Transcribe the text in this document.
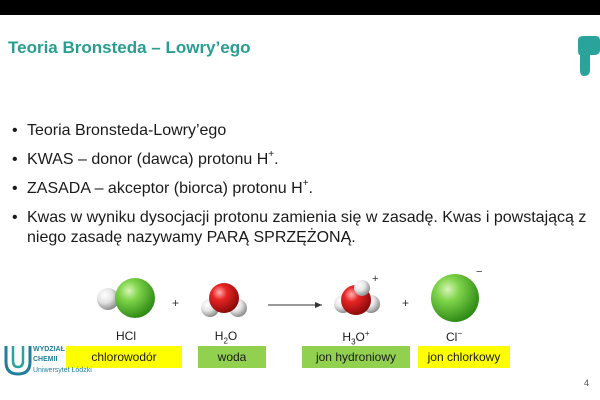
Teoria Bronsteda – Lowry’ego
• Teoria Bronsteda-Lowry’ego
• KWAS – donor (dawca) protonu H+.
• ZASADA – akceptor (biorca) protonu H+.
• Kwas w wyniku dysocjacji protonu zamienia się w zasadę. Kwas i powstającą z niego zasadę nazywamy PARĄ SPRZĘŻONĄ.
+	+
+
−
HCl	$H_2O$	$H_3O^+$	Cl−
chlorowodór	woda	jon hydroniowy	jon chlorkowy
WYDZIAŁ
CHEMII
Uniwersytet Łódzki
4
